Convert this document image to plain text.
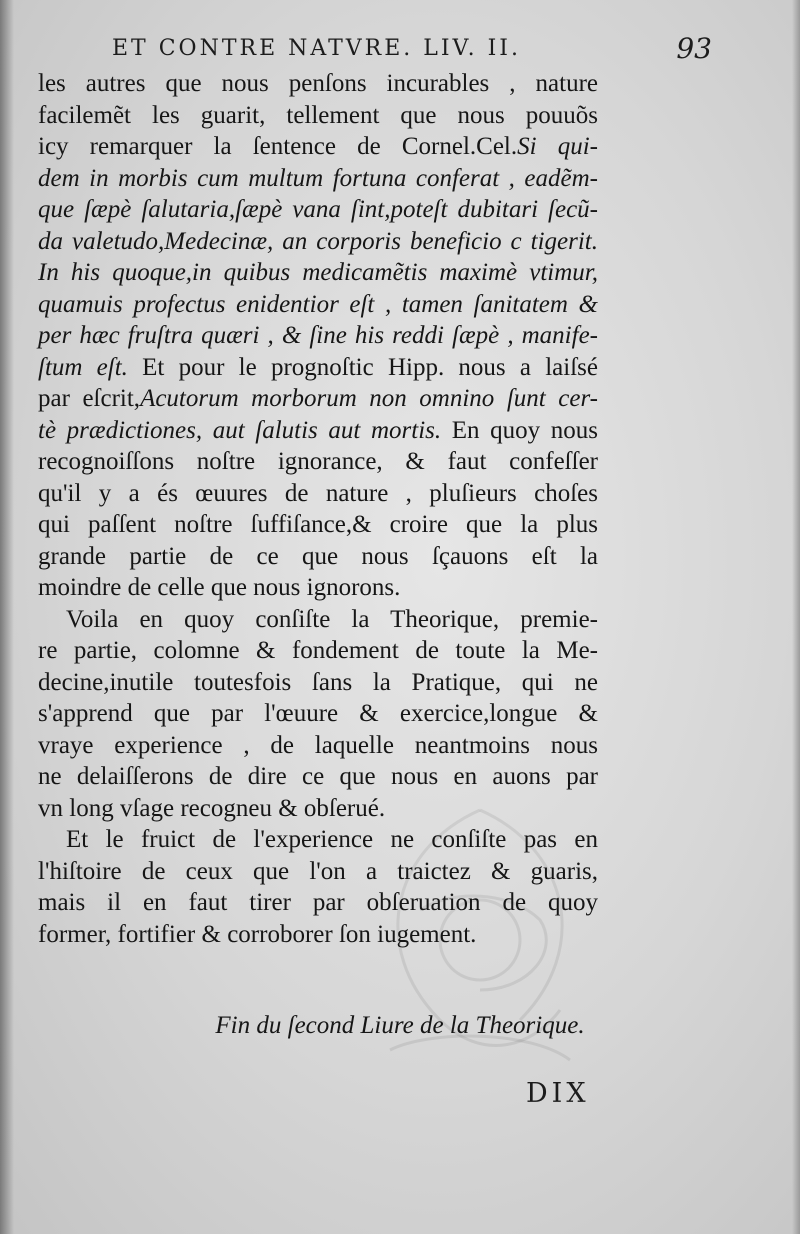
ET CONTRE NATVRE. LIV. II.	93
les autres que nous penſons incurables , nature
facilemẽt les guarit, tellement que nous pouuõs
icy remarquer la ſentence de Cornel.Cel.Si qui-
dem in morbis cum multum fortuna conferat , eadẽm-
que ſæpè ſalutaria,ſæpè vana ſint,poteſt dubitari ſecũ-
da valetudo,Medecinæ, an corporis beneficio c tigerit.
In his quoque,in quibus medicamẽtis maximè vtimur,
quamuis profectus enidentior eſt , tamen ſanitatem &
per hæc fruſtra quæri , & ſine his reddi ſæpè , manife-
ſtum eſt. Et pour le prognoſtic Hipp. nous a laiſsé
par eſcrit,Acutorum morborum non omnino ſunt cer-
tè prædictiones, aut ſalutis aut mortis. En quoy nous
recognoiſſons noſtre ignorance, & faut confeſſer
qu'il y a és œuures de nature , pluſieurs choſes
qui paſſent noſtre ſuffiſance,& croire que la plus
grande partie de ce que nous ſçauons eſt la
moindre de celle que nous ignorons.
Voila en quoy conſiſte la Theorique, premie-
re partie, colomne & fondement de toute la Me-
decine,inutile toutesfois ſans la Pratique, qui ne
s'apprend que par l'œuure & exercice,longue &
vraye experience , de laquelle neantmoins nous
ne delaiſſerons de dire ce que nous en auons par
vn long vſage recogneu & obſerué.
Et le fruict de l'experience ne conſiſte pas en
l'hiſtoire de ceux que l'on a traictez & guaris,
mais il en faut tirer par obſeruation de quoy
former, fortifier & corroborer ſon iugement.
Fin du ſecond Liure de la Theorique.
DIX
